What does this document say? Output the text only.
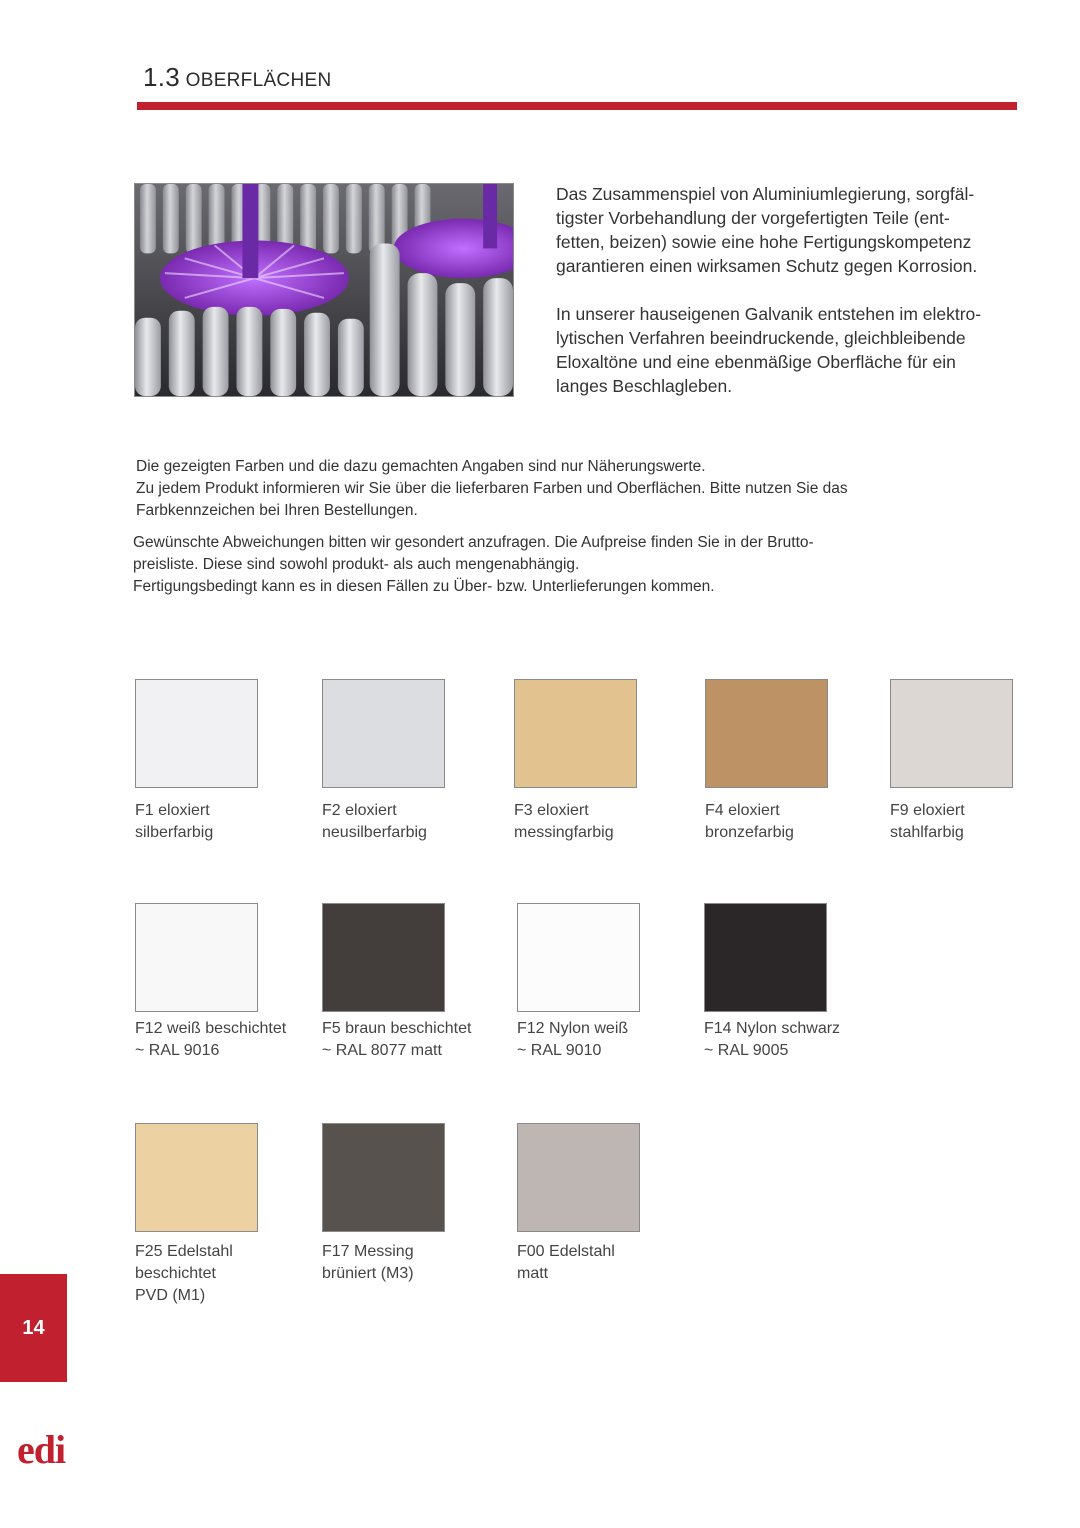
1.3 OBERFLÄCHEN

Das Zusammenspiel von Aluminiumlegierung, sorgfäl-
tigster Vorbehandlung der vorgefertigten Teile (ent-
fetten, beizen) sowie eine hohe Fertigungskompetenz
garantieren einen wirksamen Schutz gegen Korrosion.

In unserer hauseigenen Galvanik entstehen im elektro-
lytischen Verfahren beeindruckende, gleichbleibende
Eloxaltöne und eine ebenmäßige Oberfläche für ein
langes Beschlagleben.

Die gezeigten Farben und die dazu gemachten Angaben sind nur Näherungswerte.
Zu jedem Produkt informieren wir Sie über die lieferbaren Farben und Oberflächen. Bitte nutzen Sie das
Farbkennzeichen bei Ihren Bestellungen.

Gewünschte Abweichungen bitten wir gesondert anzufragen. Die Aufpreise finden Sie in der Brutto-
preisliste. Diese sind sowohl produkt- als auch mengenabhängig.
Fertigungsbedingt kann es in diesen Fällen zu Über- bzw. Unterlieferungen kommen.

F1 eloxiert
silberfarbig
F2 eloxiert
neusilberfarbig
F3 eloxiert
messingfarbig
F4 eloxiert
bronzefarbig
F9 eloxiert
stahlfarbig
F12 weiß beschichtet
~ RAL 9016
F5 braun beschichtet
~ RAL 8077 matt
F12 Nylon weiß
~ RAL 9010
F14 Nylon schwarz
~ RAL 9005
F25 Edelstahl
beschichtet
PVD (M1)
F17 Messing
brüniert (M3)
F00 Edelstahl
matt
14
edi
